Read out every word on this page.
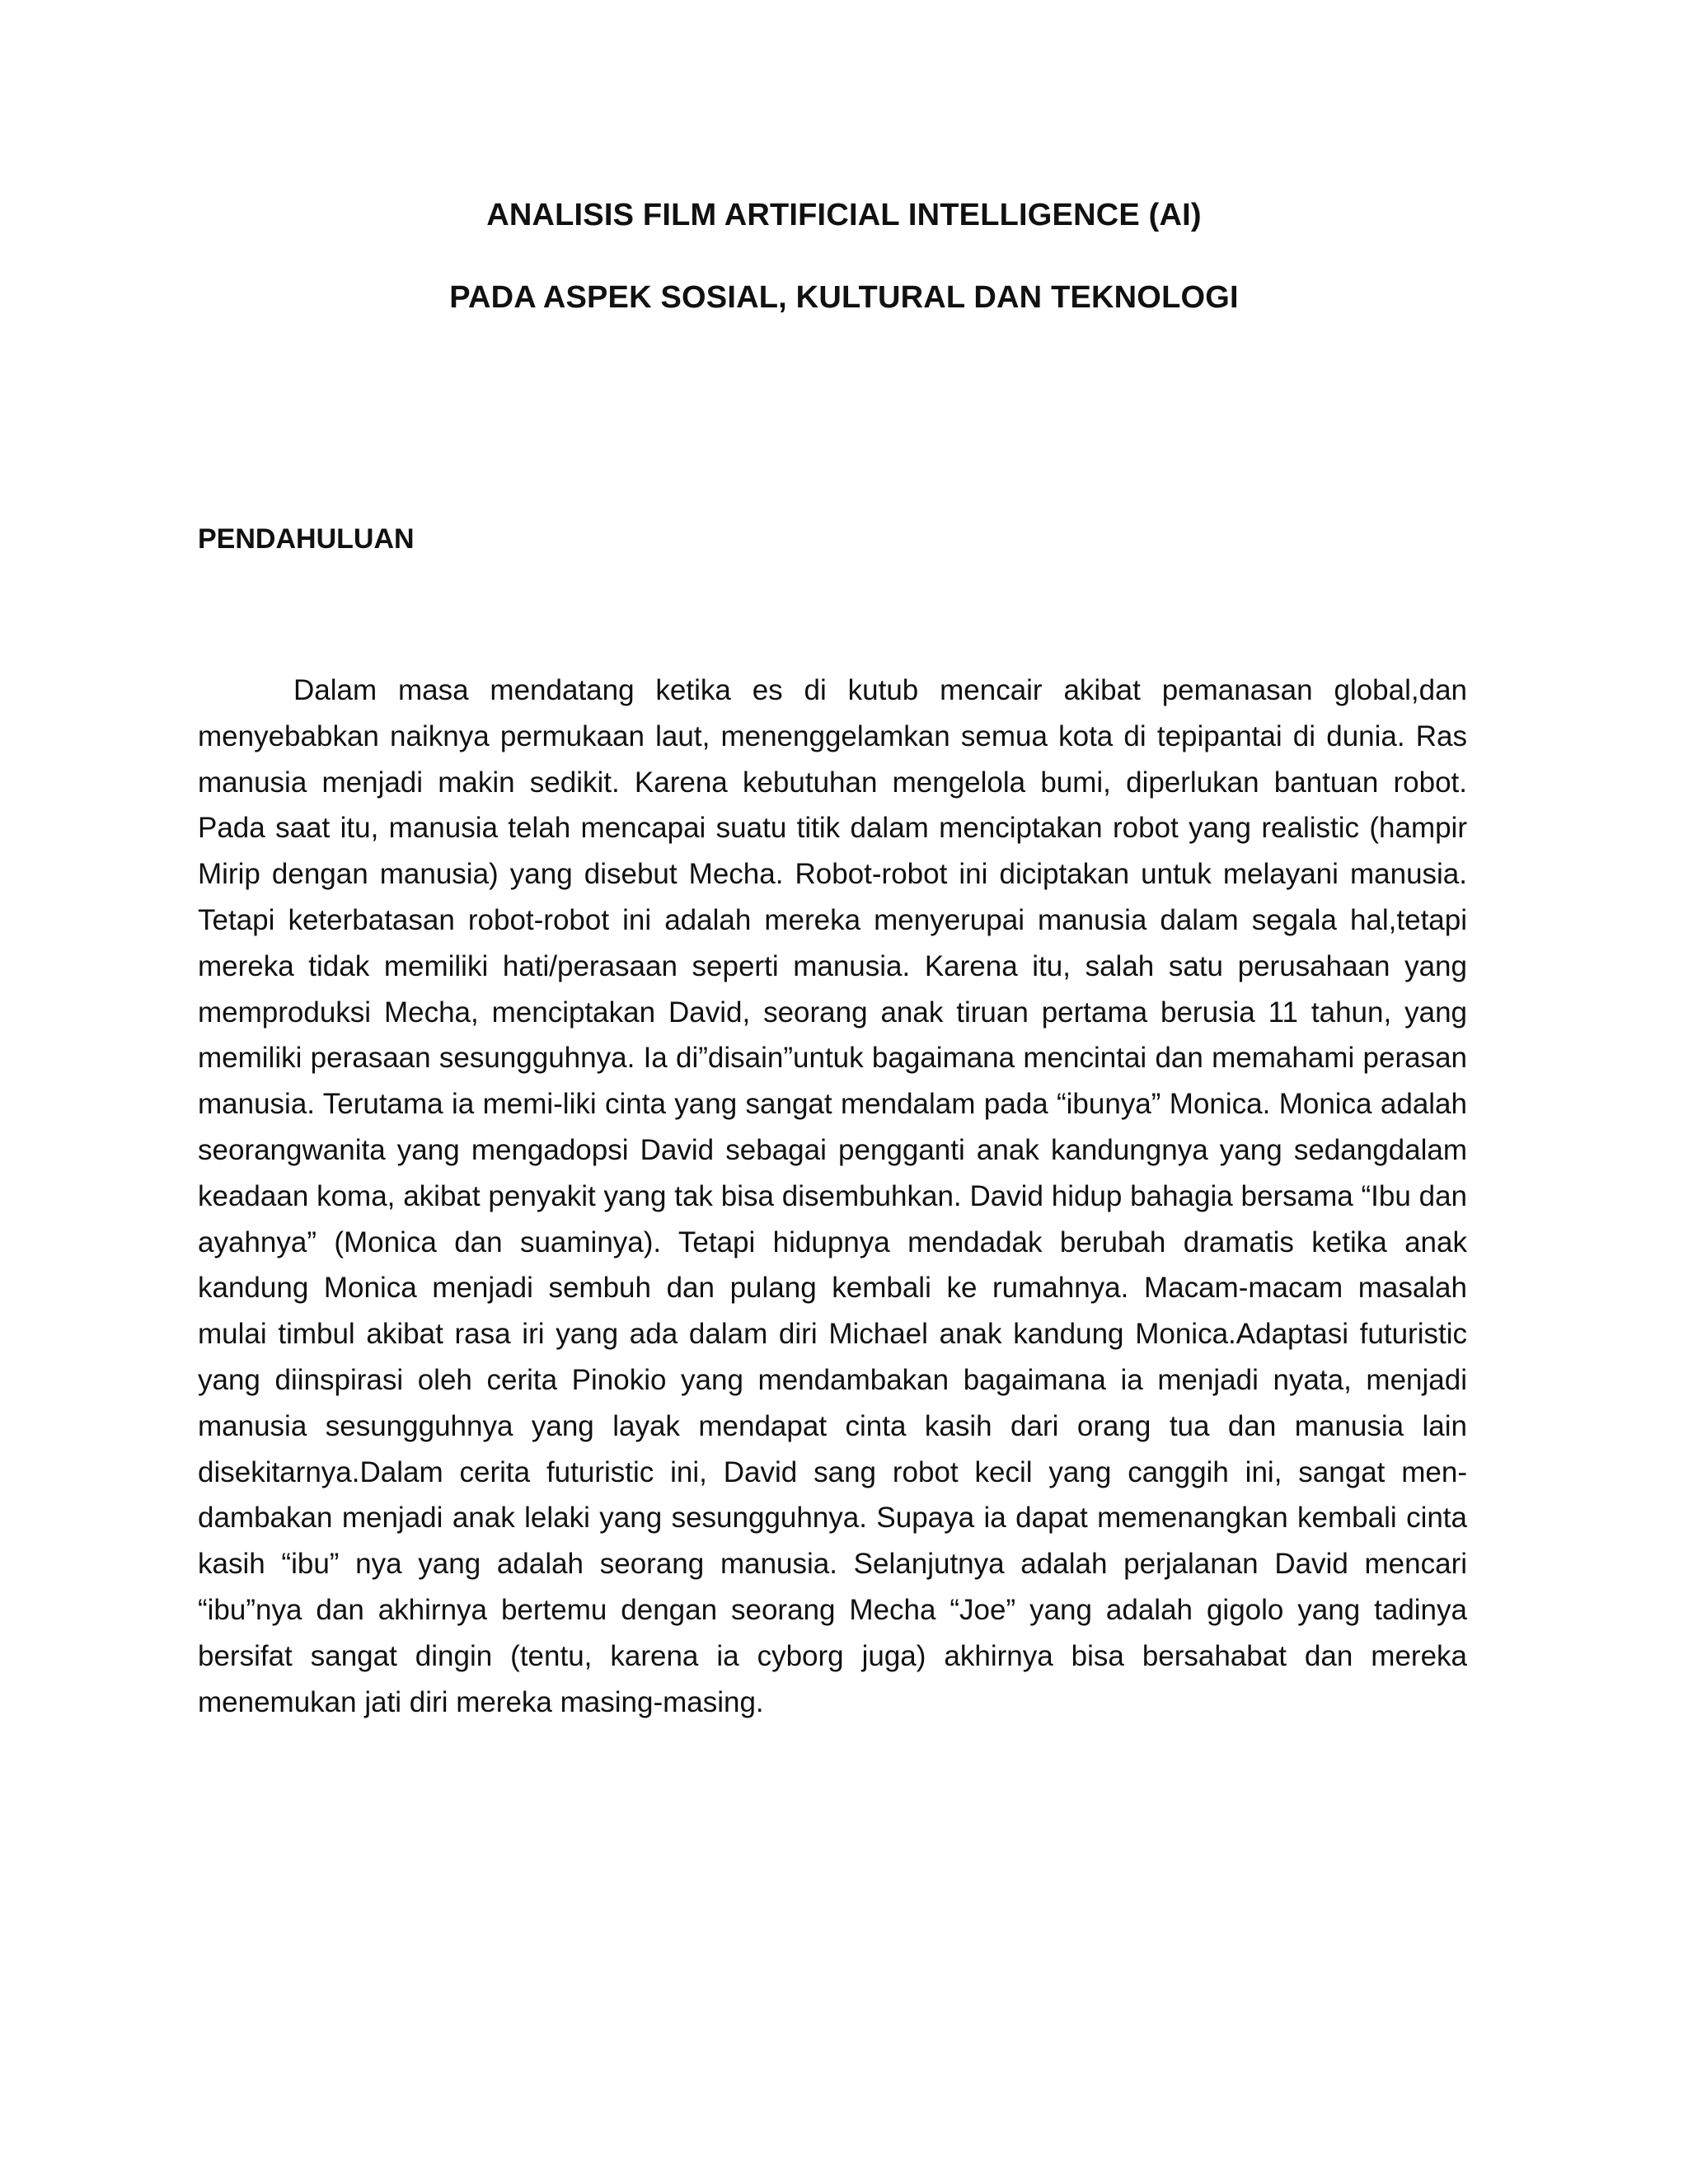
ANALISIS FILM ARTIFICIAL INTELLIGENCE (AI)
PADA ASPEK SOSIAL, KULTURAL DAN TEKNOLOGI
PENDAHULUAN

Dalam masa mendatang ketika es di kutub mencair akibat pemanasan global,dan menyebabkan naiknya permukaan laut, menenggelamkan semua kota di tepipantai di dunia. Ras manusia menjadi makin sedikit. Karena kebutuhan mengelola bumi, diperlukan bantuan robot. Pada saat itu, manusia telah mencapai suatu titik dalam menciptakan robot yang realistic (hampir Mirip dengan manusia) yang disebut Mecha. Robot-robot ini diciptakan untuk melayani manusia. Tetapi keterbatasan robot-robot ini adalah mereka menyerupai manusia dalam segala hal,tetapi mereka tidak memiliki hati/perasaan seperti manusia. Karena itu, salah satu perusahaan yang memproduksi Mecha, menciptakan David, seorang anak tiruan pertama berusia 11 tahun, yang memiliki perasaan sesungguhnya. Ia di”disain”untuk bagaimana mencintai dan memahami perasan manusia. Terutama ia memi-liki cinta yang sangat mendalam pada “ibunya” Monica. Monica adalah seorangwanita yang mengadopsi David sebagai pengganti anak kandungnya yang sedangdalam keadaan koma, akibat penyakit yang tak bisa disembuhkan. David hidup bahagia bersama “Ibu dan ayahnya” (Monica dan suaminya). Tetapi hidupnya mendadak berubah dramatis ketika anak kandung Monica menjadi sembuh dan pulang kembali ke rumahnya. Macam-macam masalah mulai timbul akibat rasa iri yang ada dalam diri Michael anak kandung Monica.Adaptasi futuristic yang diinspirasi oleh cerita Pinokio yang mendambakan bagaimana ia menjadi nyata, menjadi manusia sesungguhnya yang layak mendapat cinta kasih dari orang tua dan manusia lain disekitarnya.Dalam cerita futuristic ini, David sang robot kecil yang canggih ini, sangat men-dambakan menjadi anak lelaki yang sesungguhnya. Supaya ia dapat memenangkan kembali cinta kasih “ibu” nya yang adalah seorang manusia. Selanjutnya adalah perjalanan David mencari “ibu”nya dan akhirnya bertemu dengan seorang Mecha “Joe” yang adalah gigolo yang tadinya bersifat sangat dingin (tentu, karena ia cyborg juga) akhirnya bisa bersahabat dan mereka menemukan jati diri mereka masing-masing.
